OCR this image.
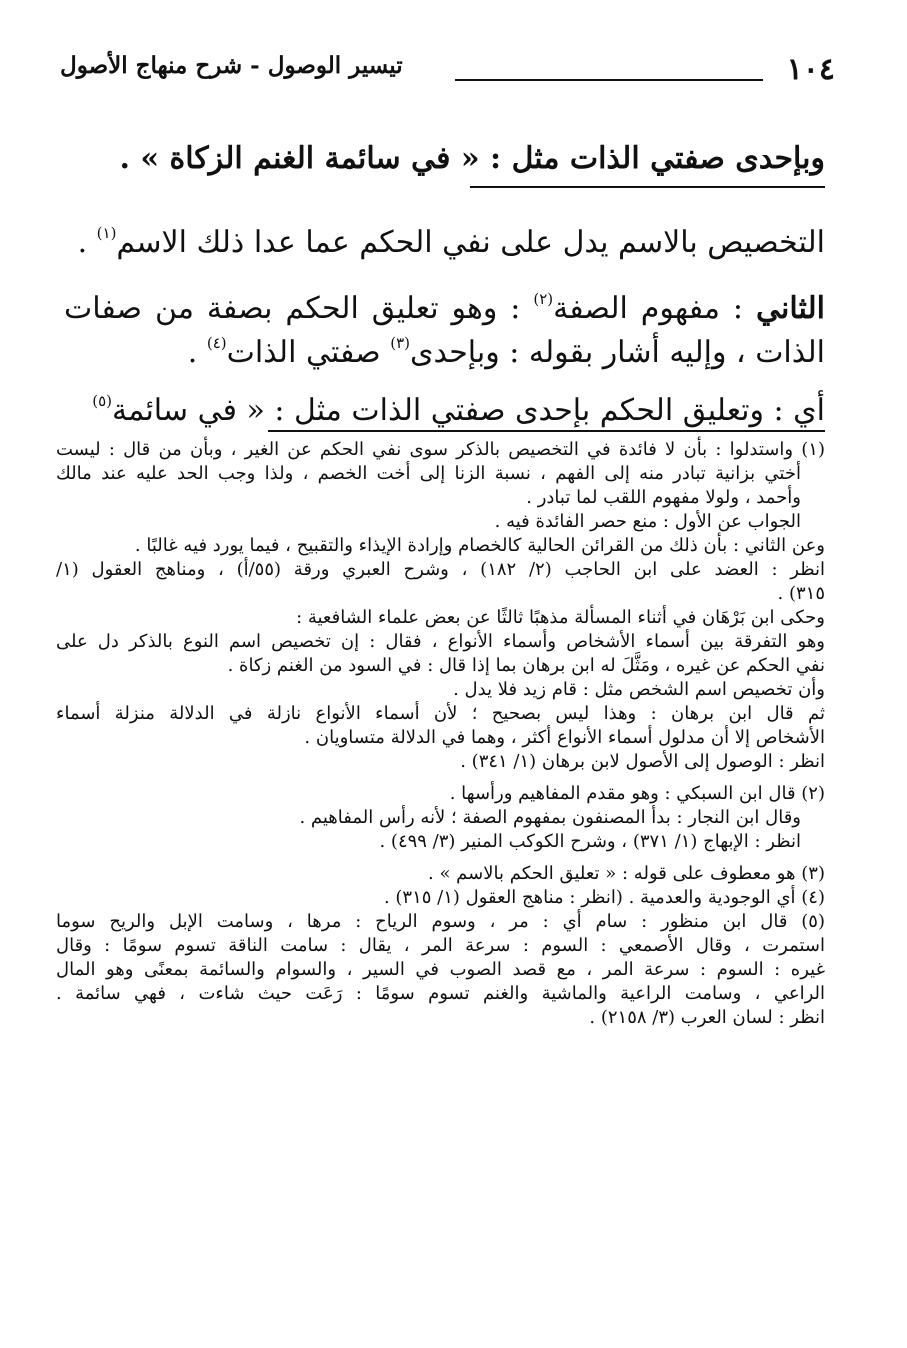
١٠٤
تيسير الوصول - شرح منهاج الأصول
وبإحدى صفتي الذات مثل : « في سائمة الغنم الزكاة » .
التخصيص بالاسم يدل على نفي الحكم عما عدا ذلك الاسم$^{(١)}$ .
الثاني : مفهوم الصفة$^{(٢)}$ : وهو تعليق الحكم بصفة من صفات
الذات ، وإليه أشار بقوله : وبإحدى$^{(٣)}$ صفتي الذات$^{(٤)}$ .
أي : وتعليق الحكم بإحدى صفتي الذات مثل : « في سائمة$^{(٥)}$

(١) واستدلوا : بأن لا فائدة في التخصيص بالذكر سوى نفي الحكم عن الغير ، وبأن من قال : ليست

أختي بزانية تبادر منه إلى الفهم ، نسبة الزنا إلى أخت الخصم ، ولذا وجب الحد عليه عند مالك

وأحمد ، ولولا مفهوم اللقب لما تبادر .

الجواب عن الأول : منع حصر الفائدة فيه .

وعن الثاني : بأن ذلك من القرائن الحالية كالخصام وإرادة الإيذاء والتقبيح ، فيما يورد فيه غالبًا .

انظر : العضد على ابن الحاجب (٢/ ١٨٢) ، وشرح العبري ورقة (٥٥/أ) ، ومناهج العقول (١/

٣١٥) .

وحكى ابن بَرْهَان في أثناء المسألة مذهبًا ثالثًا عن بعض علماء الشافعية :

وهو التفرقة بين أسماء الأشخاص وأسماء الأنواع ، فقال : إن تخصيص اسم النوع بالذكر دل على

نفي الحكم عن غيره ، ومَثَّلَ له ابن برهان بما إذا قال : في السود من الغنم زكاة .

وأن تخصيص اسم الشخص مثل : قام زيد فلا يدل .

ثم قال ابن برهان : وهذا ليس بصحيح ؛ لأن أسماء الأنواع نازلة في الدلالة منزلة أسماء

الأشخاص إلا أن مدلول أسماء الأنواع أكثر ، وهما في الدلالة متساويان .

انظر : الوصول إلى الأصول لابن برهان (١/ ٣٤١) .

(٢) قال ابن السبكي : وهو مقدم المفاهيم ورأسها .

وقال ابن النجار : بدأ المصنفون بمفهوم الصفة ؛ لأنه رأس المفاهيم .

انظر : الإبهاج (١/ ٣٧١) ، وشرح الكوكب المنير (٣/ ٤٩٩) .

(٣) هو معطوف على قوله : « تعليق الحكم بالاسم » .

(٤) أي الوجودية والعدمية . (انظر : مناهج العقول (١/ ٣١٥) .

(٥) قال ابن منظور : سام أي : مر ، وسوم الرياح : مرها ، وسامت الإبل والريح سوما

استمرت ، وقال الأصمعي : السوم : سرعة المر ، يقال : سامت الناقة تسوم سومًا : وقال

غيره : السوم : سرعة المر ، مع قصد الصوب في السير ، والسوام والسائمة بمعنًى وهو المال

الراعي ، وسامت الراعية والماشية والغنم تسوم سومًا : رَعَت حيث شاءت ، فهي سائمة .

انظر : لسان العرب (٣/ ٢١٥٨) .
